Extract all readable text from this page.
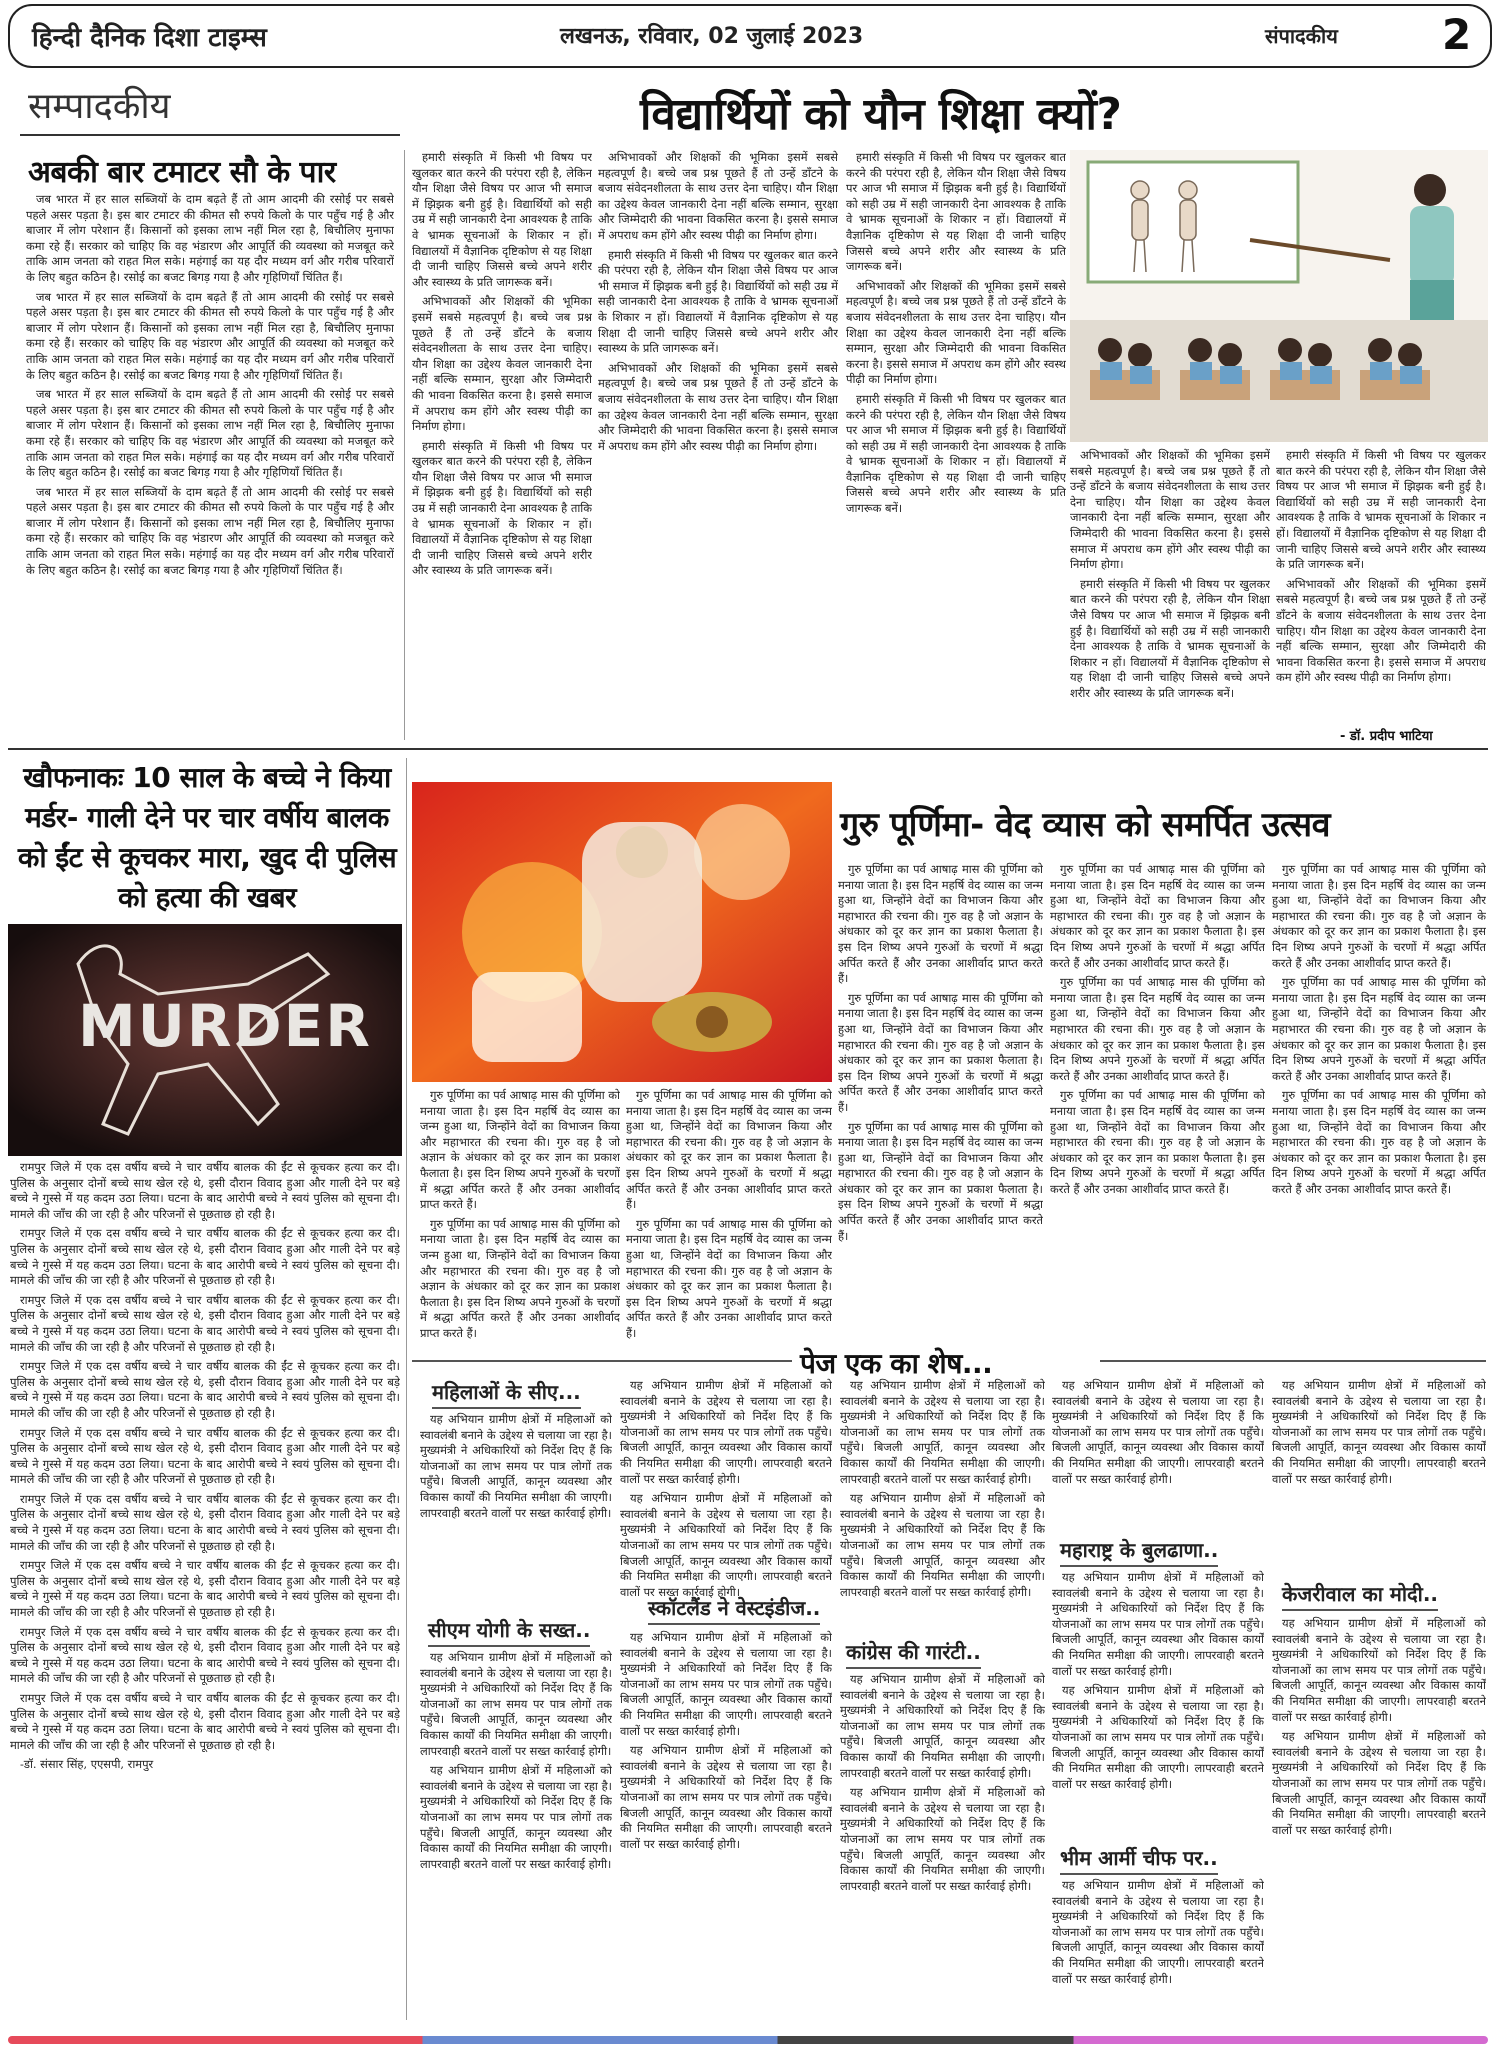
हिन्दी दैनिक दिशा टाइम्स	लखनऊ, रविवार, 02 जुलाई 2023	संपादकीय 2
सम्पादकीय	विद्यार्थियों को यौन शिक्षा क्यों?
अबकी बार टमाटर सौ के पार

जब भारत में हर साल सब्जियों के दाम बढ़ते हैं तो आम आदमी की रसोई पर सबसे पहले असर पड़ता है। इस बार टमाटर की कीमत सौ रुपये किलो के पार पहुँच गई है और बाजार में लोग परेशान हैं। किसानों को इसका लाभ नहीं मिल रहा है, बिचौलिए मुनाफा कमा रहे हैं। सरकार को चाहिए कि वह भंडारण और आपूर्ति की व्यवस्था को मजबूत करे ताकि आम जनता को राहत मिल सके। महंगाई का यह दौर मध्यम वर्ग और गरीब परिवारों के लिए बहुत कठिन है। रसोई का बजट बिगड़ गया है और गृहिणियाँ चिंतित हैं।

जब भारत में हर साल सब्जियों के दाम बढ़ते हैं तो आम आदमी की रसोई पर सबसे पहले असर पड़ता है। इस बार टमाटर की कीमत सौ रुपये किलो के पार पहुँच गई है और बाजार में लोग परेशान हैं। किसानों को इसका लाभ नहीं मिल रहा है, बिचौलिए मुनाफा कमा रहे हैं। सरकार को चाहिए कि वह भंडारण और आपूर्ति की व्यवस्था को मजबूत करे ताकि आम जनता को राहत मिल सके। महंगाई का यह दौर मध्यम वर्ग और गरीब परिवारों के लिए बहुत कठिन है। रसोई का बजट बिगड़ गया है और गृहिणियाँ चिंतित हैं।

जब भारत में हर साल सब्जियों के दाम बढ़ते हैं तो आम आदमी की रसोई पर सबसे पहले असर पड़ता है। इस बार टमाटर की कीमत सौ रुपये किलो के पार पहुँच गई है और बाजार में लोग परेशान हैं। किसानों को इसका लाभ नहीं मिल रहा है, बिचौलिए मुनाफा कमा रहे हैं। सरकार को चाहिए कि वह भंडारण और आपूर्ति की व्यवस्था को मजबूत करे ताकि आम जनता को राहत मिल सके। महंगाई का यह दौर मध्यम वर्ग और गरीब परिवारों के लिए बहुत कठिन है। रसोई का बजट बिगड़ गया है और गृहिणियाँ चिंतित हैं।

जब भारत में हर साल सब्जियों के दाम बढ़ते हैं तो आम आदमी की रसोई पर सबसे पहले असर पड़ता है। इस बार टमाटर की कीमत सौ रुपये किलो के पार पहुँच गई है और बाजार में लोग परेशान हैं। किसानों को इसका लाभ नहीं मिल रहा है, बिचौलिए मुनाफा कमा रहे हैं। सरकार को चाहिए कि वह भंडारण और आपूर्ति की व्यवस्था को मजबूत करे ताकि आम जनता को राहत मिल सके। महंगाई का यह दौर मध्यम वर्ग और गरीब परिवारों के लिए बहुत कठिन है। रसोई का बजट बिगड़ गया है और गृहिणियाँ चिंतित हैं।

हमारी संस्कृति में किसी भी विषय पर खुलकर बात करने की परंपरा रही है, लेकिन यौन शिक्षा जैसे विषय पर आज भी समाज में झिझक बनी हुई है। विद्यार्थियों को सही उम्र में सही जानकारी देना आवश्यक है ताकि वे भ्रामक सूचनाओं के शिकार न हों। विद्यालयों में वैज्ञानिक दृष्टिकोण से यह शिक्षा दी जानी चाहिए जिससे बच्चे अपने शरीर और स्वास्थ्य के प्रति जागरूक बनें।

अभिभावकों और शिक्षकों की भूमिका इसमें सबसे महत्वपूर्ण है। बच्चे जब प्रश्न पूछते हैं तो उन्हें डाँटने के बजाय संवेदनशीलता के साथ उत्तर देना चाहिए। यौन शिक्षा का उद्देश्य केवल जानकारी देना नहीं बल्कि सम्मान, सुरक्षा और जिम्मेदारी की भावना विकसित करना है। इससे समाज में अपराध कम होंगे और स्वस्थ पीढ़ी का निर्माण होगा।

हमारी संस्कृति में किसी भी विषय पर खुलकर बात करने की परंपरा रही है, लेकिन यौन शिक्षा जैसे विषय पर आज भी समाज में झिझक बनी हुई है। विद्यार्थियों को सही उम्र में सही जानकारी देना आवश्यक है ताकि वे भ्रामक सूचनाओं के शिकार न हों। विद्यालयों में वैज्ञानिक दृष्टिकोण से यह शिक्षा दी जानी चाहिए जिससे बच्चे अपने शरीर और स्वास्थ्य के प्रति जागरूक बनें।

अभिभावकों और शिक्षकों की भूमिका इसमें सबसे महत्वपूर्ण है। बच्चे जब प्रश्न पूछते हैं तो उन्हें डाँटने के बजाय संवेदनशीलता के साथ उत्तर देना चाहिए। यौन शिक्षा का उद्देश्य केवल जानकारी देना नहीं बल्कि सम्मान, सुरक्षा और जिम्मेदारी की भावना विकसित करना है। इससे समाज में अपराध कम होंगे और स्वस्थ पीढ़ी का निर्माण होगा।

हमारी संस्कृति में किसी भी विषय पर खुलकर बात करने की परंपरा रही है, लेकिन यौन शिक्षा जैसे विषय पर आज भी समाज में झिझक बनी हुई है। विद्यार्थियों को सही उम्र में सही जानकारी देना आवश्यक है ताकि वे भ्रामक सूचनाओं के शिकार न हों। विद्यालयों में वैज्ञानिक दृष्टिकोण से यह शिक्षा दी जानी चाहिए जिससे बच्चे अपने शरीर और स्वास्थ्य के प्रति जागरूक बनें।

अभिभावकों और शिक्षकों की भूमिका इसमें सबसे महत्वपूर्ण है। बच्चे जब प्रश्न पूछते हैं तो उन्हें डाँटने के बजाय संवेदनशीलता के साथ उत्तर देना चाहिए। यौन शिक्षा का उद्देश्य केवल जानकारी देना नहीं बल्कि सम्मान, सुरक्षा और जिम्मेदारी की भावना विकसित करना है। इससे समाज में अपराध कम होंगे और स्वस्थ पीढ़ी का निर्माण होगा।

हमारी संस्कृति में किसी भी विषय पर खुलकर बात करने की परंपरा रही है, लेकिन यौन शिक्षा जैसे विषय पर आज भी समाज में झिझक बनी हुई है। विद्यार्थियों को सही उम्र में सही जानकारी देना आवश्यक है ताकि वे भ्रामक सूचनाओं के शिकार न हों। विद्यालयों में वैज्ञानिक दृष्टिकोण से यह शिक्षा दी जानी चाहिए जिससे बच्चे अपने शरीर और स्वास्थ्य के प्रति जागरूक बनें।

अभिभावकों और शिक्षकों की भूमिका इसमें सबसे महत्वपूर्ण है। बच्चे जब प्रश्न पूछते हैं तो उन्हें डाँटने के बजाय संवेदनशीलता के साथ उत्तर देना चाहिए। यौन शिक्षा का उद्देश्य केवल जानकारी देना नहीं बल्कि सम्मान, सुरक्षा और जिम्मेदारी की भावना विकसित करना है। इससे समाज में अपराध कम होंगे और स्वस्थ पीढ़ी का निर्माण होगा।

हमारी संस्कृति में किसी भी विषय पर खुलकर बात करने की परंपरा रही है, लेकिन यौन शिक्षा जैसे विषय पर आज भी समाज में झिझक बनी हुई है। विद्यार्थियों को सही उम्र में सही जानकारी देना आवश्यक है ताकि वे भ्रामक सूचनाओं के शिकार न हों। विद्यालयों में वैज्ञानिक दृष्टिकोण से यह शिक्षा दी जानी चाहिए जिससे बच्चे अपने शरीर और स्वास्थ्य के प्रति जागरूक बनें।

अभिभावकों और शिक्षकों की भूमिका इसमें सबसे महत्वपूर्ण है। बच्चे जब प्रश्न पूछते हैं तो उन्हें डाँटने के बजाय संवेदनशीलता के साथ उत्तर देना चाहिए। यौन शिक्षा का उद्देश्य केवल जानकारी देना नहीं बल्कि सम्मान, सुरक्षा और जिम्मेदारी की भावना विकसित करना है। इससे समाज में अपराध कम होंगे और स्वस्थ पीढ़ी का निर्माण होगा।

हमारी संस्कृति में किसी भी विषय पर खुलकर बात करने की परंपरा रही है, लेकिन यौन शिक्षा जैसे विषय पर आज भी समाज में झिझक बनी हुई है। विद्यार्थियों को सही उम्र में सही जानकारी देना आवश्यक है ताकि वे भ्रामक सूचनाओं के शिकार न हों। विद्यालयों में वैज्ञानिक दृष्टिकोण से यह शिक्षा दी जानी चाहिए जिससे बच्चे अपने शरीर और स्वास्थ्य के प्रति जागरूक बनें।

हमारी संस्कृति में किसी भी विषय पर खुलकर बात करने की परंपरा रही है, लेकिन यौन शिक्षा जैसे विषय पर आज भी समाज में झिझक बनी हुई है। विद्यार्थियों को सही उम्र में सही जानकारी देना आवश्यक है ताकि वे भ्रामक सूचनाओं के शिकार न हों। विद्यालयों में वैज्ञानिक दृष्टिकोण से यह शिक्षा दी जानी चाहिए जिससे बच्चे अपने शरीर और स्वास्थ्य के प्रति जागरूक बनें।

अभिभावकों और शिक्षकों की भूमिका इसमें सबसे महत्वपूर्ण है। बच्चे जब प्रश्न पूछते हैं तो उन्हें डाँटने के बजाय संवेदनशीलता के साथ उत्तर देना चाहिए। यौन शिक्षा का उद्देश्य केवल जानकारी देना नहीं बल्कि सम्मान, सुरक्षा और जिम्मेदारी की भावना विकसित करना है। इससे समाज में अपराध कम होंगे और स्वस्थ पीढ़ी का निर्माण होगा।

- डॉ. प्रदीप भाटिया
खौफनाकः 10 साल के बच्चे ने किया मर्डर- गाली देने पर चार वर्षीय बालक को ईंट से कूचकर मारा, खुद दी पुलिस को हत्या की खबर
MURDER

रामपुर जिले में एक दस वर्षीय बच्चे ने चार वर्षीय बालक की ईंट से कूचकर हत्या कर दी। पुलिस के अनुसार दोनों बच्चे साथ खेल रहे थे, इसी दौरान विवाद हुआ और गाली देने पर बड़े बच्चे ने गुस्से में यह कदम उठा लिया। घटना के बाद आरोपी बच्चे ने स्वयं पुलिस को सूचना दी। मामले की जाँच की जा रही है और परिजनों से पूछताछ हो रही है।

रामपुर जिले में एक दस वर्षीय बच्चे ने चार वर्षीय बालक की ईंट से कूचकर हत्या कर दी। पुलिस के अनुसार दोनों बच्चे साथ खेल रहे थे, इसी दौरान विवाद हुआ और गाली देने पर बड़े बच्चे ने गुस्से में यह कदम उठा लिया। घटना के बाद आरोपी बच्चे ने स्वयं पुलिस को सूचना दी। मामले की जाँच की जा रही है और परिजनों से पूछताछ हो रही है।

रामपुर जिले में एक दस वर्षीय बच्चे ने चार वर्षीय बालक की ईंट से कूचकर हत्या कर दी। पुलिस के अनुसार दोनों बच्चे साथ खेल रहे थे, इसी दौरान विवाद हुआ और गाली देने पर बड़े बच्चे ने गुस्से में यह कदम उठा लिया। घटना के बाद आरोपी बच्चे ने स्वयं पुलिस को सूचना दी। मामले की जाँच की जा रही है और परिजनों से पूछताछ हो रही है।

रामपुर जिले में एक दस वर्षीय बच्चे ने चार वर्षीय बालक की ईंट से कूचकर हत्या कर दी। पुलिस के अनुसार दोनों बच्चे साथ खेल रहे थे, इसी दौरान विवाद हुआ और गाली देने पर बड़े बच्चे ने गुस्से में यह कदम उठा लिया। घटना के बाद आरोपी बच्चे ने स्वयं पुलिस को सूचना दी। मामले की जाँच की जा रही है और परिजनों से पूछताछ हो रही है।

रामपुर जिले में एक दस वर्षीय बच्चे ने चार वर्षीय बालक की ईंट से कूचकर हत्या कर दी। पुलिस के अनुसार दोनों बच्चे साथ खेल रहे थे, इसी दौरान विवाद हुआ और गाली देने पर बड़े बच्चे ने गुस्से में यह कदम उठा लिया। घटना के बाद आरोपी बच्चे ने स्वयं पुलिस को सूचना दी। मामले की जाँच की जा रही है और परिजनों से पूछताछ हो रही है।

रामपुर जिले में एक दस वर्षीय बच्चे ने चार वर्षीय बालक की ईंट से कूचकर हत्या कर दी। पुलिस के अनुसार दोनों बच्चे साथ खेल रहे थे, इसी दौरान विवाद हुआ और गाली देने पर बड़े बच्चे ने गुस्से में यह कदम उठा लिया। घटना के बाद आरोपी बच्चे ने स्वयं पुलिस को सूचना दी। मामले की जाँच की जा रही है और परिजनों से पूछताछ हो रही है।

रामपुर जिले में एक दस वर्षीय बच्चे ने चार वर्षीय बालक की ईंट से कूचकर हत्या कर दी। पुलिस के अनुसार दोनों बच्चे साथ खेल रहे थे, इसी दौरान विवाद हुआ और गाली देने पर बड़े बच्चे ने गुस्से में यह कदम उठा लिया। घटना के बाद आरोपी बच्चे ने स्वयं पुलिस को सूचना दी। मामले की जाँच की जा रही है और परिजनों से पूछताछ हो रही है।

रामपुर जिले में एक दस वर्षीय बच्चे ने चार वर्षीय बालक की ईंट से कूचकर हत्या कर दी। पुलिस के अनुसार दोनों बच्चे साथ खेल रहे थे, इसी दौरान विवाद हुआ और गाली देने पर बड़े बच्चे ने गुस्से में यह कदम उठा लिया। घटना के बाद आरोपी बच्चे ने स्वयं पुलिस को सूचना दी। मामले की जाँच की जा रही है और परिजनों से पूछताछ हो रही है।

रामपुर जिले में एक दस वर्षीय बच्चे ने चार वर्षीय बालक की ईंट से कूचकर हत्या कर दी। पुलिस के अनुसार दोनों बच्चे साथ खेल रहे थे, इसी दौरान विवाद हुआ और गाली देने पर बड़े बच्चे ने गुस्से में यह कदम उठा लिया। घटना के बाद आरोपी बच्चे ने स्वयं पुलिस को सूचना दी। मामले की जाँच की जा रही है और परिजनों से पूछताछ हो रही है।

-डॉ. संसार सिंह, एएसपी, रामपुर

गुरु पूर्णिमा- वेद व्यास को समर्पित उत्सव

गुरु पूर्णिमा का पर्व आषाढ़ मास की पूर्णिमा को मनाया जाता है। इस दिन महर्षि वेद व्यास का जन्म हुआ था, जिन्होंने वेदों का विभाजन किया और महाभारत की रचना की। गुरु वह है जो अज्ञान के अंधकार को दूर कर ज्ञान का प्रकाश फैलाता है। इस दिन शिष्य अपने गुरुओं के चरणों में श्रद्धा अर्पित करते हैं और उनका आशीर्वाद प्राप्त करते हैं।

गुरु पूर्णिमा का पर्व आषाढ़ मास की पूर्णिमा को मनाया जाता है। इस दिन महर्षि वेद व्यास का जन्म हुआ था, जिन्होंने वेदों का विभाजन किया और महाभारत की रचना की। गुरु वह है जो अज्ञान के अंधकार को दूर कर ज्ञान का प्रकाश फैलाता है। इस दिन शिष्य अपने गुरुओं के चरणों में श्रद्धा अर्पित करते हैं और उनका आशीर्वाद प्राप्त करते हैं।

गुरु पूर्णिमा का पर्व आषाढ़ मास की पूर्णिमा को मनाया जाता है। इस दिन महर्षि वेद व्यास का जन्म हुआ था, जिन्होंने वेदों का विभाजन किया और महाभारत की रचना की। गुरु वह है जो अज्ञान के अंधकार को दूर कर ज्ञान का प्रकाश फैलाता है। इस दिन शिष्य अपने गुरुओं के चरणों में श्रद्धा अर्पित करते हैं और उनका आशीर्वाद प्राप्त करते हैं।

गुरु पूर्णिमा का पर्व आषाढ़ मास की पूर्णिमा को मनाया जाता है। इस दिन महर्षि वेद व्यास का जन्म हुआ था, जिन्होंने वेदों का विभाजन किया और महाभारत की रचना की। गुरु वह है जो अज्ञान के अंधकार को दूर कर ज्ञान का प्रकाश फैलाता है। इस दिन शिष्य अपने गुरुओं के चरणों में श्रद्धा अर्पित करते हैं और उनका आशीर्वाद प्राप्त करते हैं।

गुरु पूर्णिमा का पर्व आषाढ़ मास की पूर्णिमा को मनाया जाता है। इस दिन महर्षि वेद व्यास का जन्म हुआ था, जिन्होंने वेदों का विभाजन किया और महाभारत की रचना की। गुरु वह है जो अज्ञान के अंधकार को दूर कर ज्ञान का प्रकाश फैलाता है। इस दिन शिष्य अपने गुरुओं के चरणों में श्रद्धा अर्पित करते हैं और उनका आशीर्वाद प्राप्त करते हैं।

गुरु पूर्णिमा का पर्व आषाढ़ मास की पूर्णिमा को मनाया जाता है। इस दिन महर्षि वेद व्यास का जन्म हुआ था, जिन्होंने वेदों का विभाजन किया और महाभारत की रचना की। गुरु वह है जो अज्ञान के अंधकार को दूर कर ज्ञान का प्रकाश फैलाता है। इस दिन शिष्य अपने गुरुओं के चरणों में श्रद्धा अर्पित करते हैं और उनका आशीर्वाद प्राप्त करते हैं।

गुरु पूर्णिमा का पर्व आषाढ़ मास की पूर्णिमा को मनाया जाता है। इस दिन महर्षि वेद व्यास का जन्म हुआ था, जिन्होंने वेदों का विभाजन किया और महाभारत की रचना की। गुरु वह है जो अज्ञान के अंधकार को दूर कर ज्ञान का प्रकाश फैलाता है। इस दिन शिष्य अपने गुरुओं के चरणों में श्रद्धा अर्पित करते हैं और उनका आशीर्वाद प्राप्त करते हैं।

गुरु पूर्णिमा का पर्व आषाढ़ मास की पूर्णिमा को मनाया जाता है। इस दिन महर्षि वेद व्यास का जन्म हुआ था, जिन्होंने वेदों का विभाजन किया और महाभारत की रचना की। गुरु वह है जो अज्ञान के अंधकार को दूर कर ज्ञान का प्रकाश फैलाता है। इस दिन शिष्य अपने गुरुओं के चरणों में श्रद्धा अर्पित करते हैं और उनका आशीर्वाद प्राप्त करते हैं।

गुरु पूर्णिमा का पर्व आषाढ़ मास की पूर्णिमा को मनाया जाता है। इस दिन महर्षि वेद व्यास का जन्म हुआ था, जिन्होंने वेदों का विभाजन किया और महाभारत की रचना की। गुरु वह है जो अज्ञान के अंधकार को दूर कर ज्ञान का प्रकाश फैलाता है। इस दिन शिष्य अपने गुरुओं के चरणों में श्रद्धा अर्पित करते हैं और उनका आशीर्वाद प्राप्त करते हैं।

गुरु पूर्णिमा का पर्व आषाढ़ मास की पूर्णिमा को मनाया जाता है। इस दिन महर्षि वेद व्यास का जन्म हुआ था, जिन्होंने वेदों का विभाजन किया और महाभारत की रचना की। गुरु वह है जो अज्ञान के अंधकार को दूर कर ज्ञान का प्रकाश फैलाता है। इस दिन शिष्य अपने गुरुओं के चरणों में श्रद्धा अर्पित करते हैं और उनका आशीर्वाद प्राप्त करते हैं।

गुरु पूर्णिमा का पर्व आषाढ़ मास की पूर्णिमा को मनाया जाता है। इस दिन महर्षि वेद व्यास का जन्म हुआ था, जिन्होंने वेदों का विभाजन किया और महाभारत की रचना की। गुरु वह है जो अज्ञान के अंधकार को दूर कर ज्ञान का प्रकाश फैलाता है। इस दिन शिष्य अपने गुरुओं के चरणों में श्रद्धा अर्पित करते हैं और उनका आशीर्वाद प्राप्त करते हैं।

गुरु पूर्णिमा का पर्व आषाढ़ मास की पूर्णिमा को मनाया जाता है। इस दिन महर्षि वेद व्यास का जन्म हुआ था, जिन्होंने वेदों का विभाजन किया और महाभारत की रचना की। गुरु वह है जो अज्ञान के अंधकार को दूर कर ज्ञान का प्रकाश फैलाता है। इस दिन शिष्य अपने गुरुओं के चरणों में श्रद्धा अर्पित करते हैं और उनका आशीर्वाद प्राप्त करते हैं।

गुरु पूर्णिमा का पर्व आषाढ़ मास की पूर्णिमा को मनाया जाता है। इस दिन महर्षि वेद व्यास का जन्म हुआ था, जिन्होंने वेदों का विभाजन किया और महाभारत की रचना की। गुरु वह है जो अज्ञान के अंधकार को दूर कर ज्ञान का प्रकाश फैलाता है। इस दिन शिष्य अपने गुरुओं के चरणों में श्रद्धा अर्पित करते हैं और उनका आशीर्वाद प्राप्त करते हैं।

पेज एक का शेष...
महिलाओं के सीए...

यह अभियान ग्रामीण क्षेत्रों में महिलाओं को स्वावलंबी बनाने के उद्देश्य से चलाया जा रहा है। मुख्यमंत्री ने अधिकारियों को निर्देश दिए हैं कि योजनाओं का लाभ समय पर पात्र लोगों तक पहुँचे। बिजली आपूर्ति, कानून व्यवस्था और विकास कार्यों की नियमित समीक्षा की जाएगी। लापरवाही बरतने वालों पर सख्त कार्रवाई होगी।

सीएम योगी के सख्त..

यह अभियान ग्रामीण क्षेत्रों में महिलाओं को स्वावलंबी बनाने के उद्देश्य से चलाया जा रहा है। मुख्यमंत्री ने अधिकारियों को निर्देश दिए हैं कि योजनाओं का लाभ समय पर पात्र लोगों तक पहुँचे। बिजली आपूर्ति, कानून व्यवस्था और विकास कार्यों की नियमित समीक्षा की जाएगी। लापरवाही बरतने वालों पर सख्त कार्रवाई होगी।

यह अभियान ग्रामीण क्षेत्रों में महिलाओं को स्वावलंबी बनाने के उद्देश्य से चलाया जा रहा है। मुख्यमंत्री ने अधिकारियों को निर्देश दिए हैं कि योजनाओं का लाभ समय पर पात्र लोगों तक पहुँचे। बिजली आपूर्ति, कानून व्यवस्था और विकास कार्यों की नियमित समीक्षा की जाएगी। लापरवाही बरतने वालों पर सख्त कार्रवाई होगी।

यह अभियान ग्रामीण क्षेत्रों में महिलाओं को स्वावलंबी बनाने के उद्देश्य से चलाया जा रहा है। मुख्यमंत्री ने अधिकारियों को निर्देश दिए हैं कि योजनाओं का लाभ समय पर पात्र लोगों तक पहुँचे। बिजली आपूर्ति, कानून व्यवस्था और विकास कार्यों की नियमित समीक्षा की जाएगी। लापरवाही बरतने वालों पर सख्त कार्रवाई होगी।

यह अभियान ग्रामीण क्षेत्रों में महिलाओं को स्वावलंबी बनाने के उद्देश्य से चलाया जा रहा है। मुख्यमंत्री ने अधिकारियों को निर्देश दिए हैं कि योजनाओं का लाभ समय पर पात्र लोगों तक पहुँचे। बिजली आपूर्ति, कानून व्यवस्था और विकास कार्यों की नियमित समीक्षा की जाएगी। लापरवाही बरतने वालों पर सख्त कार्रवाई होगी।

स्कॉटलैंड ने वेस्टइंडीज..

यह अभियान ग्रामीण क्षेत्रों में महिलाओं को स्वावलंबी बनाने के उद्देश्य से चलाया जा रहा है। मुख्यमंत्री ने अधिकारियों को निर्देश दिए हैं कि योजनाओं का लाभ समय पर पात्र लोगों तक पहुँचे। बिजली आपूर्ति, कानून व्यवस्था और विकास कार्यों की नियमित समीक्षा की जाएगी। लापरवाही बरतने वालों पर सख्त कार्रवाई होगी।

यह अभियान ग्रामीण क्षेत्रों में महिलाओं को स्वावलंबी बनाने के उद्देश्य से चलाया जा रहा है। मुख्यमंत्री ने अधिकारियों को निर्देश दिए हैं कि योजनाओं का लाभ समय पर पात्र लोगों तक पहुँचे। बिजली आपूर्ति, कानून व्यवस्था और विकास कार्यों की नियमित समीक्षा की जाएगी। लापरवाही बरतने वालों पर सख्त कार्रवाई होगी।

यह अभियान ग्रामीण क्षेत्रों में महिलाओं को स्वावलंबी बनाने के उद्देश्य से चलाया जा रहा है। मुख्यमंत्री ने अधिकारियों को निर्देश दिए हैं कि योजनाओं का लाभ समय पर पात्र लोगों तक पहुँचे। बिजली आपूर्ति, कानून व्यवस्था और विकास कार्यों की नियमित समीक्षा की जाएगी। लापरवाही बरतने वालों पर सख्त कार्रवाई होगी।

यह अभियान ग्रामीण क्षेत्रों में महिलाओं को स्वावलंबी बनाने के उद्देश्य से चलाया जा रहा है। मुख्यमंत्री ने अधिकारियों को निर्देश दिए हैं कि योजनाओं का लाभ समय पर पात्र लोगों तक पहुँचे। बिजली आपूर्ति, कानून व्यवस्था और विकास कार्यों की नियमित समीक्षा की जाएगी। लापरवाही बरतने वालों पर सख्त कार्रवाई होगी।

कांग्रेस की गारंटी..

यह अभियान ग्रामीण क्षेत्रों में महिलाओं को स्वावलंबी बनाने के उद्देश्य से चलाया जा रहा है। मुख्यमंत्री ने अधिकारियों को निर्देश दिए हैं कि योजनाओं का लाभ समय पर पात्र लोगों तक पहुँचे। बिजली आपूर्ति, कानून व्यवस्था और विकास कार्यों की नियमित समीक्षा की जाएगी। लापरवाही बरतने वालों पर सख्त कार्रवाई होगी।

यह अभियान ग्रामीण क्षेत्रों में महिलाओं को स्वावलंबी बनाने के उद्देश्य से चलाया जा रहा है। मुख्यमंत्री ने अधिकारियों को निर्देश दिए हैं कि योजनाओं का लाभ समय पर पात्र लोगों तक पहुँचे। बिजली आपूर्ति, कानून व्यवस्था और विकास कार्यों की नियमित समीक्षा की जाएगी। लापरवाही बरतने वालों पर सख्त कार्रवाई होगी।

यह अभियान ग्रामीण क्षेत्रों में महिलाओं को स्वावलंबी बनाने के उद्देश्य से चलाया जा रहा है। मुख्यमंत्री ने अधिकारियों को निर्देश दिए हैं कि योजनाओं का लाभ समय पर पात्र लोगों तक पहुँचे। बिजली आपूर्ति, कानून व्यवस्था और विकास कार्यों की नियमित समीक्षा की जाएगी। लापरवाही बरतने वालों पर सख्त कार्रवाई होगी।

महाराष्ट्र के बुलढाणा..

यह अभियान ग्रामीण क्षेत्रों में महिलाओं को स्वावलंबी बनाने के उद्देश्य से चलाया जा रहा है। मुख्यमंत्री ने अधिकारियों को निर्देश दिए हैं कि योजनाओं का लाभ समय पर पात्र लोगों तक पहुँचे। बिजली आपूर्ति, कानून व्यवस्था और विकास कार्यों की नियमित समीक्षा की जाएगी। लापरवाही बरतने वालों पर सख्त कार्रवाई होगी।

यह अभियान ग्रामीण क्षेत्रों में महिलाओं को स्वावलंबी बनाने के उद्देश्य से चलाया जा रहा है। मुख्यमंत्री ने अधिकारियों को निर्देश दिए हैं कि योजनाओं का लाभ समय पर पात्र लोगों तक पहुँचे। बिजली आपूर्ति, कानून व्यवस्था और विकास कार्यों की नियमित समीक्षा की जाएगी। लापरवाही बरतने वालों पर सख्त कार्रवाई होगी।

भीम आर्मी चीफ पर..

यह अभियान ग्रामीण क्षेत्रों में महिलाओं को स्वावलंबी बनाने के उद्देश्य से चलाया जा रहा है। मुख्यमंत्री ने अधिकारियों को निर्देश दिए हैं कि योजनाओं का लाभ समय पर पात्र लोगों तक पहुँचे। बिजली आपूर्ति, कानून व्यवस्था और विकास कार्यों की नियमित समीक्षा की जाएगी। लापरवाही बरतने वालों पर सख्त कार्रवाई होगी।

यह अभियान ग्रामीण क्षेत्रों में महिलाओं को स्वावलंबी बनाने के उद्देश्य से चलाया जा रहा है। मुख्यमंत्री ने अधिकारियों को निर्देश दिए हैं कि योजनाओं का लाभ समय पर पात्र लोगों तक पहुँचे। बिजली आपूर्ति, कानून व्यवस्था और विकास कार्यों की नियमित समीक्षा की जाएगी। लापरवाही बरतने वालों पर सख्त कार्रवाई होगी।

केजरीवाल का मोदी..

यह अभियान ग्रामीण क्षेत्रों में महिलाओं को स्वावलंबी बनाने के उद्देश्य से चलाया जा रहा है। मुख्यमंत्री ने अधिकारियों को निर्देश दिए हैं कि योजनाओं का लाभ समय पर पात्र लोगों तक पहुँचे। बिजली आपूर्ति, कानून व्यवस्था और विकास कार्यों की नियमित समीक्षा की जाएगी। लापरवाही बरतने वालों पर सख्त कार्रवाई होगी।

यह अभियान ग्रामीण क्षेत्रों में महिलाओं को स्वावलंबी बनाने के उद्देश्य से चलाया जा रहा है। मुख्यमंत्री ने अधिकारियों को निर्देश दिए हैं कि योजनाओं का लाभ समय पर पात्र लोगों तक पहुँचे। बिजली आपूर्ति, कानून व्यवस्था और विकास कार्यों की नियमित समीक्षा की जाएगी। लापरवाही बरतने वालों पर सख्त कार्रवाई होगी।
